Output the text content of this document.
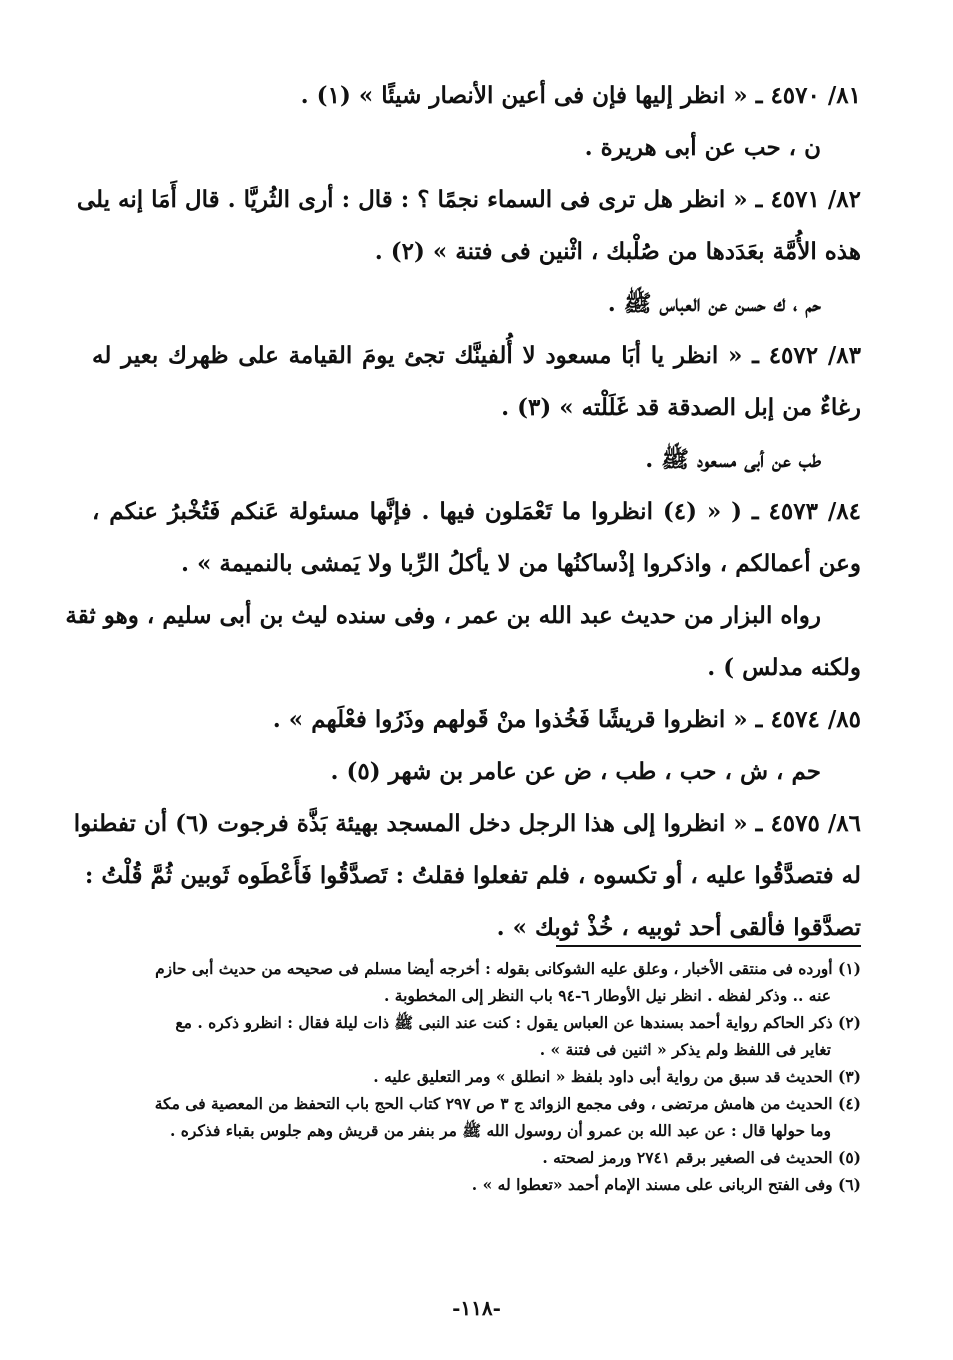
٨١/ ٤٥٧٠ ـ « انظر إليها فإن فى أعين الأنصار شيئًا » (١) .
ن ، حب عن أبى هريرة .
٨٢/ ٤٥٧١ ـ « انظر هل ترى فى السماء نجمًا ؟ : قال : أرى الثُريَّا . قال أَمَا إنه يلى
هذه الأُمَّة بعَدَدها من صُلْبك ، اثْنين فى فتنة » (٢) .
حم ، ك حسن عن العباس ﷺ .
٨٣/ ٤٥٧٢ ـ « انظر يا أبَا مسعود لا أُلفينَّك تجئ يومَ القيامة على ظهرك بعير له
رغاءٌ من إبل الصدقة قد غَلَلْته » (٣) .
طب عن أبى مسعود ﷺ .
٨٤/ ٤٥٧٣ ـ ( « (٤) انظروا ما تَعْمَلون فيها . فإنَّها مسئولة عَنكم فَتُخْبرُ عنكم ،
وعن أعمالكم ، واذكروا إذْساكنُها من لا يأكلُ الرِّبا ولا يَمشى بالنميمة » .
رواه البزار من حديث عبد الله بن عمر ، وفى سنده ليث بن أبى سليم ، وهو ثقة
ولكنه مدلس ) .
٨٥/ ٤٥٧٤ ـ « انظروا قريشًا فَخُذوا منْ قَولهم وذَرُوا فعْلَهم » .
حم ، ش ، حب ، طب ، ض عن عامر بن شهر (٥) .
٨٦/ ٤٥٧٥ ـ « انظروا إلى هذا الرجل دخل المسجد بهيئة بَذَّة فرجوت (٦) أن تفطنوا
له فتصدَّقُوا عليه ، أو تكسوه ، فلم تفعلوا فقلتُ : تَصدَّقُوا فَأَعْطَوه ثَوبين ثُمَّ قُلْتُ :
تصدَّقوا فألقى أحد ثوبيه ، خُذْ ثوبك » .
(١) أورده فى منتقى الأخبار ، وعلق عليه الشوكانى بقوله : أخرجه أيضا مسلم فى صحيحه من حديث أبى حازم
عنه .. وذكر لفظه . انظر نيل الأوطار ٦-٩٤ باب النظر إلى المخطوبة .
(٢) ذكر الحاكم رواية أحمد بسندها عن العباس يقول : كنت عند النبى ﷺ ذات ليلة فقال : انظرو ذكره . مع
تغاير فى اللفظ ولم يذكر « اثنين فى فتنة » .
(٣) الحديث قد سبق من رواية أبى داود بلفظ « انطلق » ومر التعليق عليه .
(٤) الحديث من هامش مرتضى ، وفى مجمع الزوائد ج ٣ ص ٢٩٧ كتاب الحج باب التحفظ من المعصية فى مكة
وما حولها قال : عن عبد الله بن عمرو أن روسول الله ﷺ مر بنفر من قريش وهم جلوس بقباء فذكره .
(٥) الحديث فى الصغير برقم ٢٧٤١ ورمز لصحته .
(٦) وفى الفتح الربانى على مسند الإمام أحمد «تعطوا له » .
-١١٨-
